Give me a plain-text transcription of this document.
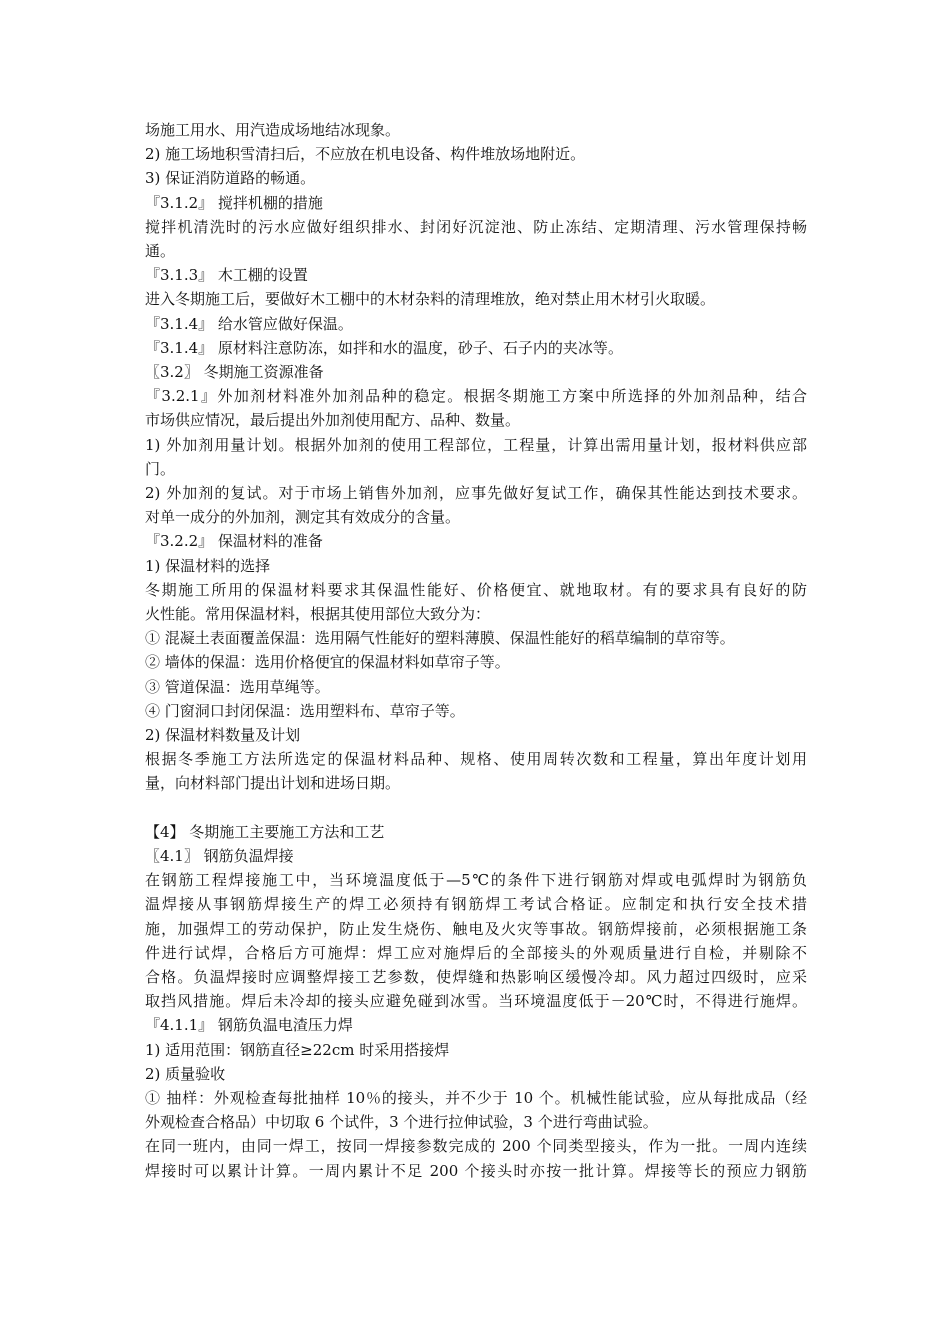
场施工用水、用汽造成场地结冰现象。
2) 施工场地积雪清扫后，不应放在机电设备、构件堆放场地附近。
3) 保证消防道路的畅通。
『3.1.2』 搅拌机棚的措施
搅拌机清洗时的污水应做好组织排水、封闭好沉淀池、防止冻结、定期清理、污水管理保持畅
通。
『3.1.3』 木工棚的设置
进入冬期施工后，要做好木工棚中的木材杂料的清理堆放，绝对禁止用木材引火取暖。
『3.1.4』 给水管应做好保温。
『3.1.4』 原材料注意防冻，如拌和水的温度，砂子、石子内的夹冰等。
〖3.2〗 冬期施工资源准备
『3.2.1』外加剂材料准外加剂品种的稳定。根据冬期施工方案中所选择的外加剂品种，结合
市场供应情况，最后提出外加剂使用配方、品种、数量。
1) 外加剂用量计划。根据外加剂的使用工程部位，工程量，计算出需用量计划，报材料供应部
门。
2) 外加剂的复试。对于市场上销售外加剂，应事先做好复试工作，确保其性能达到技术要求。
对单一成分的外加剂，测定其有效成分的含量。
『3.2.2』 保温材料的准备
1) 保温材料的选择
冬期施工所用的保温材料要求其保温性能好、价格便宜、就地取材。有的要求具有良好的防
火性能。常用保温材料，根据其使用部位大致分为：
① 混凝土表面覆盖保温：选用隔气性能好的塑料薄膜、保温性能好的稻草编制的草帘等。
② 墙体的保温：选用价格便宜的保温材料如草帘子等。
③ 管道保温：选用草绳等。
④ 门窗洞口封闭保温：选用塑料布、草帘子等。
2) 保温材料数量及计划
根据冬季施工方法所选定的保温材料品种、规格、使用周转次数和工程量，算出年度计划用
量，向材料部门提出计划和进场日期。
【4】 冬期施工主要施工方法和工艺
〖4.1〗 钢筋负温焊接
在钢筋工程焊接施工中，当环境温度低于—5℃的条件下进行钢筋对焊或电弧焊时为钢筋负
温焊接从事钢筋焊接生产的焊工必须持有钢筋焊工考试合格证。应制定和执行安全技术措
施，加强焊工的劳动保护，防止发生烧伤、触电及火灾等事故。钢筋焊接前，必须根据施工条
件进行试焊，合格后方可施焊：焊工应对施焊后的全部接头的外观质量进行自检，并剔除不
合格。负温焊接时应调整焊接工艺参数，使焊缝和热影响区缓慢冷却。风力超过四级时，应采
取挡风措施。焊后未冷却的接头应避免碰到冰雪。当环境温度低于－20℃时，不得进行施焊。
『4.1.1』 钢筋负温电渣压力焊
1) 适用范围：钢筋直径≥22cm 时采用搭接焊
2) 质量验收
① 抽样：外观检查每批抽样 10％的接头，并不少于 10 个。机械性能试验，应从每批成品（经
外观检查合格品）中切取 6 个试件，3 个进行拉伸试验，3 个进行弯曲试验。
在同一班内，由同一焊工，按同一焊接参数完成的 200 个同类型接头，作为一批。一周内连续
焊接时可以累计计算。一周内累计不足 200 个接头时亦按一批计算。焊接等长的预应力钢筋
